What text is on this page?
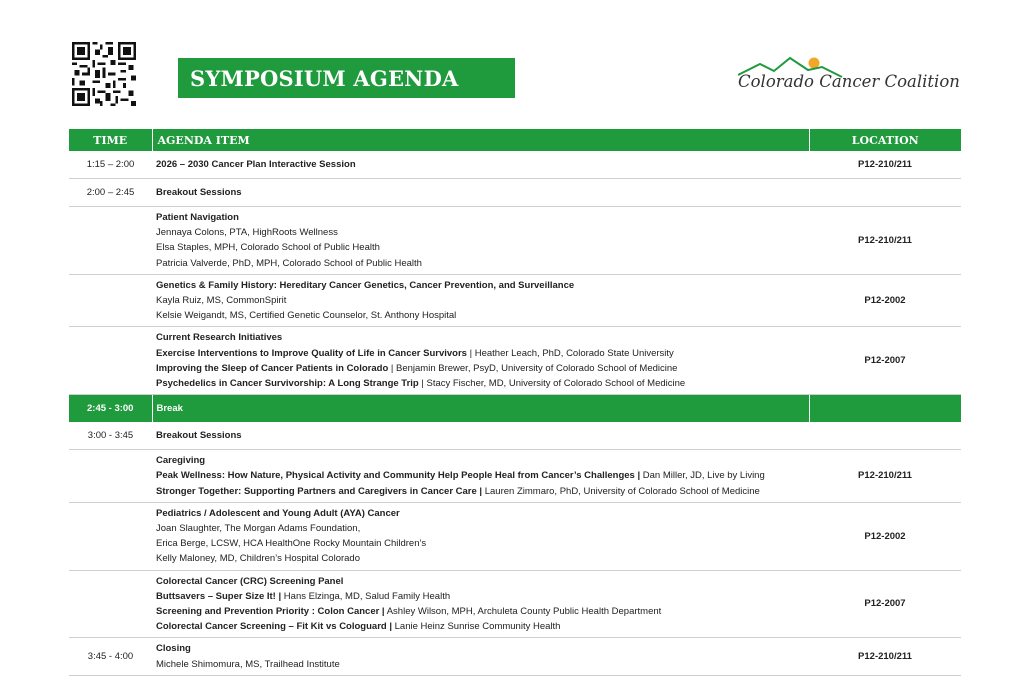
SYMPOSIUM AGENDA	Colorado Cancer Coalition
TIME	AGENDA ITEM	LOCATION
1:15 – 2:00	2026 – 2030 Cancer Plan Interactive Session	P12-210/211
2:00 – 2:45	Breakout Sessions	

	Patient Navigation
Jennaya Colons, PTA, HighRoots Wellness
Elsa Staples, MPH, Colorado School of Public Health
Patricia Valverde, PhD, MPH, Colorado School of Public Health	P12-210/211

	Genetics & Family History: Hereditary Cancer Genetics, Cancer Prevention, and Surveillance
Kayla Ruiz, MS, CommonSpirit
Kelsie Weigandt, MS, Certified Genetic Counselor, St. Anthony Hospital	P12-2002

	Current Research Initiatives
Exercise Interventions to Improve Quality of Life in Cancer Survivors | Heather Leach, PhD, Colorado State University
Improving the Sleep of Cancer Patients in Colorado | Benjamin Brewer, PsyD, University of Colorado School of Medicine
Psychedelics in Cancer Survivorship: A Long Strange Trip | Stacy Fischer, MD, University of Colorado School of Medicine	P12-2007
2:45 - 3:00	Break	
3:00 - 3:45	Breakout Sessions	

	Caregiving
Peak Wellness: How Nature, Physical Activity and Community Help People Heal from Cancer’s Challenges | Dan Miller, JD, Live by Living
Stronger Together: Supporting Partners and Caregivers in Cancer Care | Lauren Zimmaro, PhD, University of Colorado School of Medicine	P12-210/211

	Pediatrics / Adolescent and Young Adult (AYA) Cancer
Joan Slaughter, The Morgan Adams Foundation,
Erica Berge, LCSW, HCA HealthOne Rocky Mountain Children’s
Kelly Maloney, MD, Children’s Hospital Colorado	P12-2002

	Colorectal Cancer (CRC) Screening Panel
Buttsavers – Super Size It! | Hans Elzinga, MD, Salud Family Health
Screening and Prevention Priority : Colon Cancer | Ashley Wilson, MPH, Archuleta County Public Health Department
Colorectal Cancer Screening – Fit Kit vs Cologuard | Lanie Heinz Sunrise Community Health	P12-2007
3:45 - 4:00	Closing
Michele Shimomura, MS, Trailhead Institute	P12-210/211
